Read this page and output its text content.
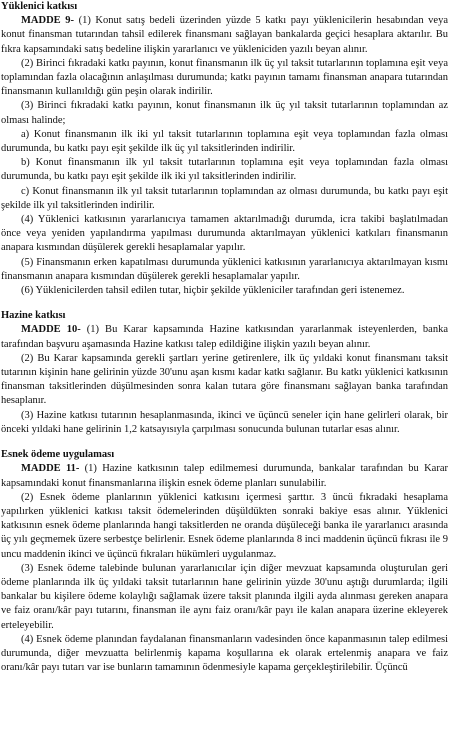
Yüklenici katkısı

MADDE 9- (1) Konut satış bedeli üzerinden yüzde 5 katkı payı yüklenicilerin hesabından veya konut finansman tutarından tahsil edilerek finansmanı sağlayan bankalarda geçici hesaplara aktarılır. Bu fıkra kapsamındaki satış bedeline ilişkin yararlanıcı ve yükleniciden yazılı beyan alınır.

(2) Birinci fıkradaki katkı payının, konut finansmanın ilk üç yıl taksit tutarlarının toplamına eşit veya toplamından fazla olacağının anlaşılması durumunda; katkı payının tamamı finansman anapara tutarından finansmanın kullanıldığı gün peşin olarak indirilir.

(3) Birinci fıkradaki katkı payının, konut finansmanın ilk üç yıl taksit tutarlarının toplamından az olması halinde;

a) Konut finansmanın ilk iki yıl taksit tutarlarının toplamına eşit veya toplamından fazla olması durumunda, bu katkı payı eşit şekilde ilk üç yıl taksitlerinden indirilir.

b) Konut finansmanın ilk yıl taksit tutarlarının toplamına eşit veya toplamından fazla olması durumunda, bu katkı payı eşit şekilde ilk iki yıl taksitlerinden indirilir.

c) Konut finansmanın ilk yıl taksit tutarlarının toplamından az olması durumunda, bu katkı payı eşit şekilde ilk yıl taksitlerinden indirilir.

(4) Yüklenici katkısının yararlanıcıya tamamen aktarılmadığı durumda, icra takibi başlatılmadan önce veya yeniden yapılandırma yapılması durumunda aktarılmayan yüklenici katkıları finansmanın anapara kısmından düşülerek gerekli hesaplamalar yapılır.

(5) Finansmanın erken kapatılması durumunda yüklenici katkısının yararlanıcıya aktarılmayan kısmı finansmanın anapara kısmından düşülerek gerekli hesaplamalar yapılır.

(6) Yüklenicilerden tahsil edilen tutar, hiçbir şekilde yükleniciler tarafından geri istenemez.

Hazine katkısı

MADDE 10- (1) Bu Karar kapsamında Hazine katkısından yararlanmak isteyenlerden, banka tarafından başvuru aşamasında Hazine katkısı talep edildiğine ilişkin yazılı beyan alınır.

(2) Bu Karar kapsamında gerekli şartları yerine getirenlere, ilk üç yıldaki konut finansmanı taksit tutarının kişinin hane gelirinin yüzde 30'unu aşan kısmı kadar katkı sağlanır. Bu katkı yüklenici katkısının finansman taksitlerinden düşülmesinden sonra kalan tutara göre finansmanı sağlayan banka tarafından hesaplanır.

(3) Hazine katkısı tutarının hesaplanmasında, ikinci ve üçüncü seneler için hane gelirleri olarak, bir önceki yıldaki hane gelirinin 1,2 katsayısıyla çarpılması sonucunda bulunan tutarlar esas alınır.

Esnek ödeme uygulaması

MADDE 11- (1) Hazine katkısının talep edilmemesi durumunda, bankalar tarafından bu Karar kapsamındaki konut finansmanlarına ilişkin esnek ödeme planları sunulabilir.

(2) Esnek ödeme planlarının yüklenici katkısını içermesi şarttır. 3 üncü fıkradaki hesaplama yapılırken yüklenici katkısı taksit ödemelerinden düşüldükten sonraki bakiye esas alınır. Yüklenici katkısının esnek ödeme planlarında hangi taksitlerden ne oranda düşüleceği banka ile yararlanıcı arasında üç yılı geçmemek üzere serbestçe belirlenir. Esnek ödeme planlarında 8 inci maddenin üçüncü fıkrası ile 9 uncu maddenin ikinci ve üçüncü fıkraları hükümleri uygulanmaz.

(3) Esnek ödeme talebinde bulunan yararlanıcılar için diğer mevzuat kapsamında oluşturulan geri ödeme planlarında ilk üç yıldaki taksit tutarlarının hane gelirinin yüzde 30'unu aştığı durumlarda; ilgili bankalar bu kişilere ödeme kolaylığı sağlamak üzere taksit planında ilgili ayda alınması gereken anapara ve faiz oranı/kâr payı tutarını, finansman ile aynı faiz oranı/kâr payı ile kalan anapara üzerine ekleyerek erteleyebilir.

(4) Esnek ödeme planından faydalanan finansmanların vadesinden önce kapanmasının talep edilmesi durumunda, diğer mevzuatta belirlenmiş kapama koşullarına ek olarak ertelenmiş anapara ve faiz oranı/kâr payı tutarı var ise bunların tamamının ödenmesiyle kapama gerçekleştirilebilir. Üçüncü
